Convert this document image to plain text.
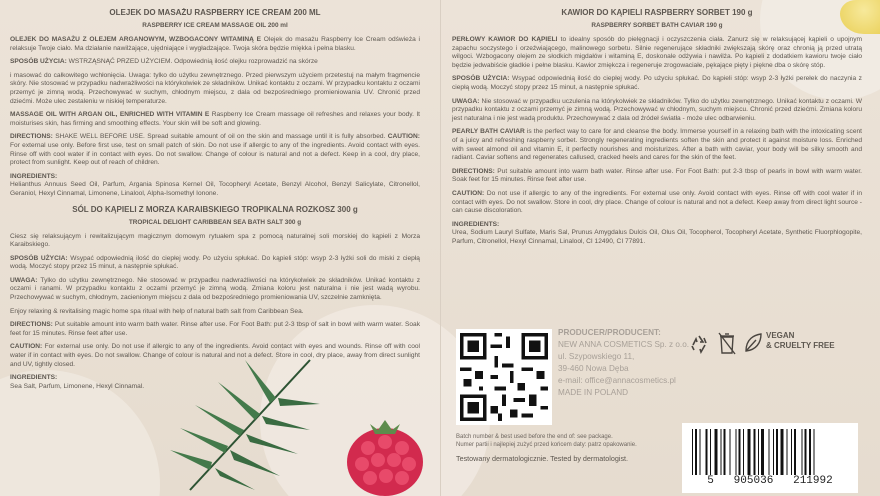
OLEJEK DO MASAŻU RASPBERRY ICE CREAM 200 ML
RASPBERRY ICE CREAM MASSAGE OIL 200 ml

OLEJEK DO MASAŻU Z OLEJEM ARGANOWYM, WZBOGACONY WITAMINĄ E Olejek do masażu Raspberry Ice Cream odświeża i relaksuje Twoje ciało. Ma działanie nawilżające, ujędniające i wygładzające. Twoja skóra będzie miękka i pełna blasku.

SPOSÓB UŻYCIA: WSTRZĄSNĄĆ PRZED UŻYCIEM. Odpowiednią ilość olejku rozprowadzić na skórze

i masować do całkowitego wchłonięcia. Uwaga: tylko do użytku zewnętrznego. Przed pierwszym użyciem przetestuj na małym fragmencie skóry. Nie stosować w przypadku nadwrażliwości na którykolwiek ze składników. Unikać kontaktu z oczami. W przypadku kontaktu z oczami przemyć je zimną wodą. Przechowywać w suchym, chłodnym miejscu, z dala od bezpośredniego promieniowania UV. Chronić przed dziećmi. Może ulec zestaleniu w niskiej temperaturze.

MASSAGE OIL WITH ARGAN OIL, ENRICHED WITH VITAMIN E Raspberry Ice Cream massage oil refreshes and relaxes your body. It moisturises skin, has firming and smoothing effects. Your skin will be soft and glowing.

DIRECTIONS: SHAKE WELL BEFORE USE. Spread suitable amount of oil on the skin and massage until it is fully absorbed. CAUTION: For external use only. Before first use, test on small patch of skin. Do not use if allergic to any of the ingredients. Avoid contact with eyes. Rinse off with cool water if in contact with eyes. Do not swallow. Change of colour is natural and not a defect. Keep in a cool, dry place, protect from sunlight. Keep out of reach of children.

INGREDIENTS:
Helianthus Annuus Seed Oil, Parfum, Argania Spinosa Kernel Oil, Tocopheryl Acetate, Benzyl Alcohol, Benzyl Salicylate, Citronellol, Geraniol, Hexyl Cinnamal, Limonene, Linalool, Alpha-Isomethyl Ionone.

SÓL DO KĄPIELI Z MORZA KARAIBSKIEGO TROPIKALNA ROZKOSZ 300 g
TROPICAL DELIGHT CARIBBEAN SEA BATH SALT 300 g

Ciesz się relaksującym i rewitalizującym magicznym domowym rytuałem spa z pomocą naturalnej soli morskiej do kąpieli z Morza Karaibskiego.

SPOSÓB UŻYCIA: Wsypać odpowiednią ilość do ciepłej wody. Po użyciu spłukać. Do kąpieli stóp: wsyp 2-3 łyżki soli do miski z ciepłą wodą. Moczyć stopy przez 15 minut, a następnie spłukać.

UWAGA: Tylko do użytku zewnętrznego. Nie stosować w przypadku nadwrażliwości na którykolwiek ze składników. Unikać kontaktu z oczami i ranami. W przypadku kontaktu z oczami przemyć je zimną wodą. Zmiana koloru jest naturalna i nie jest wadą wyrobu. Przechowywać w suchym, chłodnym, zacienionym miejscu z dala od bezpośredniego promieniowania UV, szczelnie zamknięta.

Enjoy relaxing & revitalising magic home spa ritual with help of natural bath salt from Caribbean Sea.

DIRECTIONS: Put suitable amount into warm bath water. Rinse after use. For Foot Bath: put 2-3 tbsp of salt in bowl with warm water. Soak feet for 15 minutes. Rinse feet after use.

CAUTION: For external use only. Do not use if allergic to any of the ingredients. Avoid contact with eyes and wounds. Rinse off with cool water if in contact with eyes. Do not swallow. Change of colour is natural and not a defect. Store in cool, dry place, away from direct sunlight and UV, tightly closed.

INGREDIENTS:
Sea Salt, Parfum, Limonene, Hexyl Cinnamal.

KAWIOR DO KĄPIELI RASPBERRY SORBET 190 g
RASPBERRY SORBET BATH CAVIAR 190 g

PERŁOWY KAWIOR DO KĄPIELI to idealny sposób do pielęgnacji i oczyszczenia ciała. Zanurz się w relaksującej kąpieli o upojnym zapachu soczystego i orzeźwiającego, malinowego sorbetu. Silnie regenerujące składniki zwiększają skórę oraz chronią ją przed utratą wilgoci. Wzbogacony olejem ze słodkich migdałów i witaminą E, doskonale odżywia i nawilża. Po kąpieli z dodatkiem kawioru twoje ciało będzie jedwabiście gładkie i pełne blasku. Kawior zmiękcza i regeneruje zrogowaciałe, pękające pięty i piękne dba o skórę stóp.

SPOSÓB UŻYCIA: Wsypać odpowiednią ilość do ciepłej wody. Po użyciu spłukać. Do kąpieli stóp: wsyp 2-3 łyżki perełek do naczynia z ciepłą wodą. Moczyć stopy przez 15 minut, a następnie spłukać.

UWAGA: Nie stosować w przypadku uczulenia na którykolwiek ze składników. Tylko do użytku zewnętrznego. Unikać kontaktu z oczami. W przypadku kontaktu z oczami przemyć je zimną wodą. Przechowywać w chłodnym, suchym miejscu. Chronić przed dziećmi. Zmiana koloru jest naturalna i nie jest wadą produktu. Przechowywać z dala od źródeł światła - może ulec odbarwieniu.

PEARLY BATH CAVIAR is the perfect way to care for and cleanse the body. Immerse yourself in a relaxing bath with the intoxicating scent of a juicy and refreshing raspberry sorbet. Strongly regenerating ingredients soften the skin and protect it against moisture loss. Enriched with sweet almond oil and vitamin E, it perfectly nourishes and moisturizes. After a bath with caviar, your body will be silky smooth and radiant. Caviar softens and regenerates callused, cracked heels and cares for the skin of the feet.

DIRECTIONS: Put suitable amount into warm bath water. Rinse after use. For Foot Bath: put 2-3 tbsp of pearls in bowl with warm water. Soak feet for 15 minutes. Rinse feet after use.

CAUTION: Do not use if allergic to any of the ingredients. For external use only. Avoid contact with eyes. Rinse off with cool water if in contact with eyes. Do not swallow. Store in cool, dry place. Change of colour is natural and not a defect. Keep away from direct light source - can cause discoloration.

INGREDIENTS:
Urea, Sodium Lauryl Sulfate, Maris Sal, Prunus Amygdalus Dulcis Oil, Olus Oil, Tocopherol, Tocopheryl Acetate, Synthetic Fluorphlogopite, Parfum, Citronellol, Hexyl Cinnamal, Linalool, CI 12490, CI 77891.

PRODUCER/PRODUCENT:
NEW ANNA COSMETICS Sp. z o.o.
ul. Szypowskiego 11,
39-460 Nowa Dęba
e-mail: office@annacosmetics.pl
MADE IN POLAND
Batch number & best used before the end of: see package.
Numer partii i najlepiej zużyć przed końcem daty: patrz opakowanie.
Testowany dermatologicznie. Tested by dermatologist.
VEGAN
& CRUELTY FREE
5   905036   211992
